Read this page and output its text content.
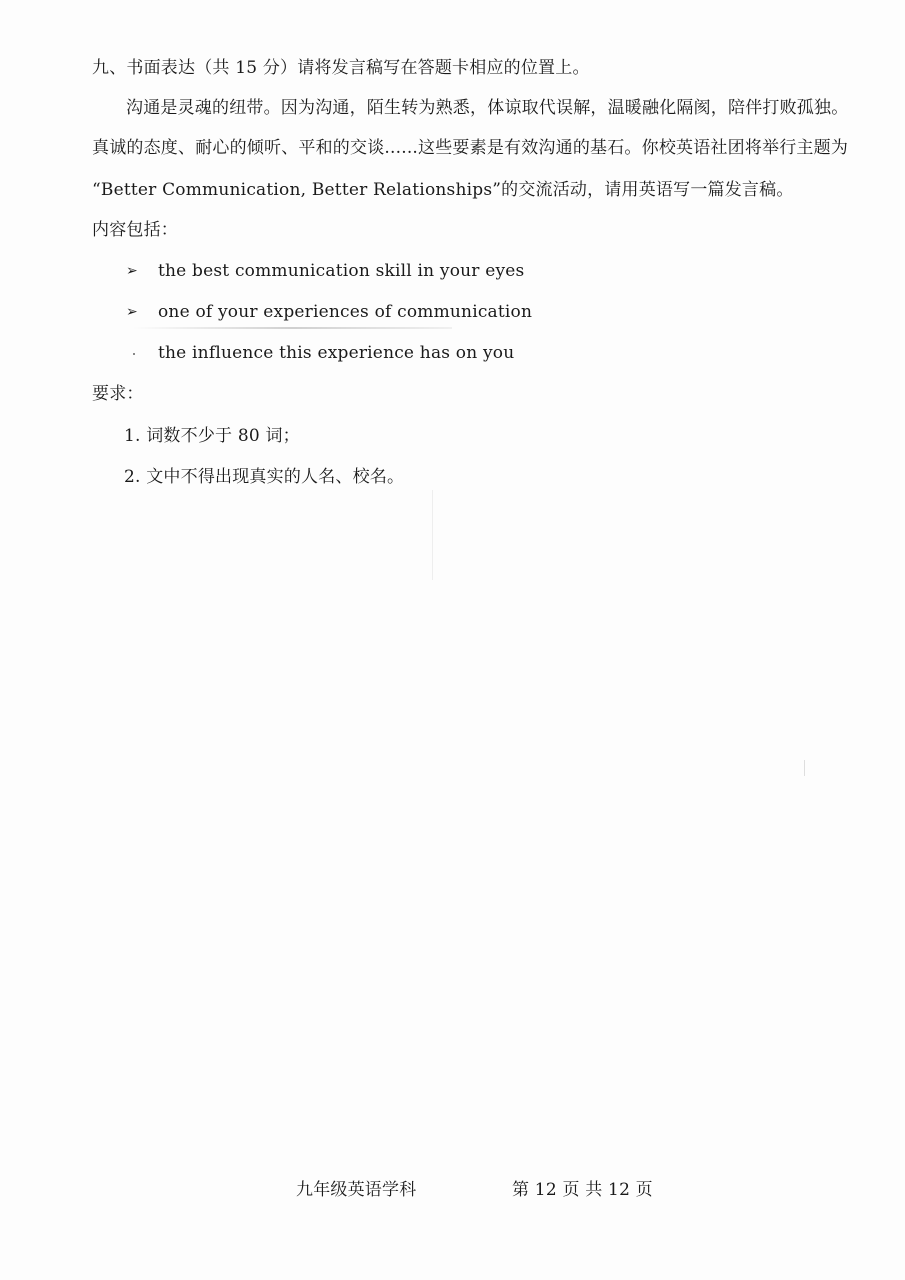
九、书面表达（共 15 分）请将发言稿写在答题卡相应的位置上。
沟通是灵魂的纽带。因为沟通，陌生转为熟悉，体谅取代误解，温暖融化隔阂，陪伴打败孤独。
真诚的态度、耐心的倾听、平和的交谈......这些要素是有效沟通的基石。你校英语社团将举行主题为
“Better Communication, Better Relationships”的交流活动，请用英语写一篇发言稿。
内容包括：
➢ the best communication skill in your eyes
➢ one of your experiences of communication
the influence this experience has on you
要求：
1. 词数不少于 80 词；
2. 文中不得出现真实的人名、校名。
九年级英语学科	第 12 页 共 12 页
